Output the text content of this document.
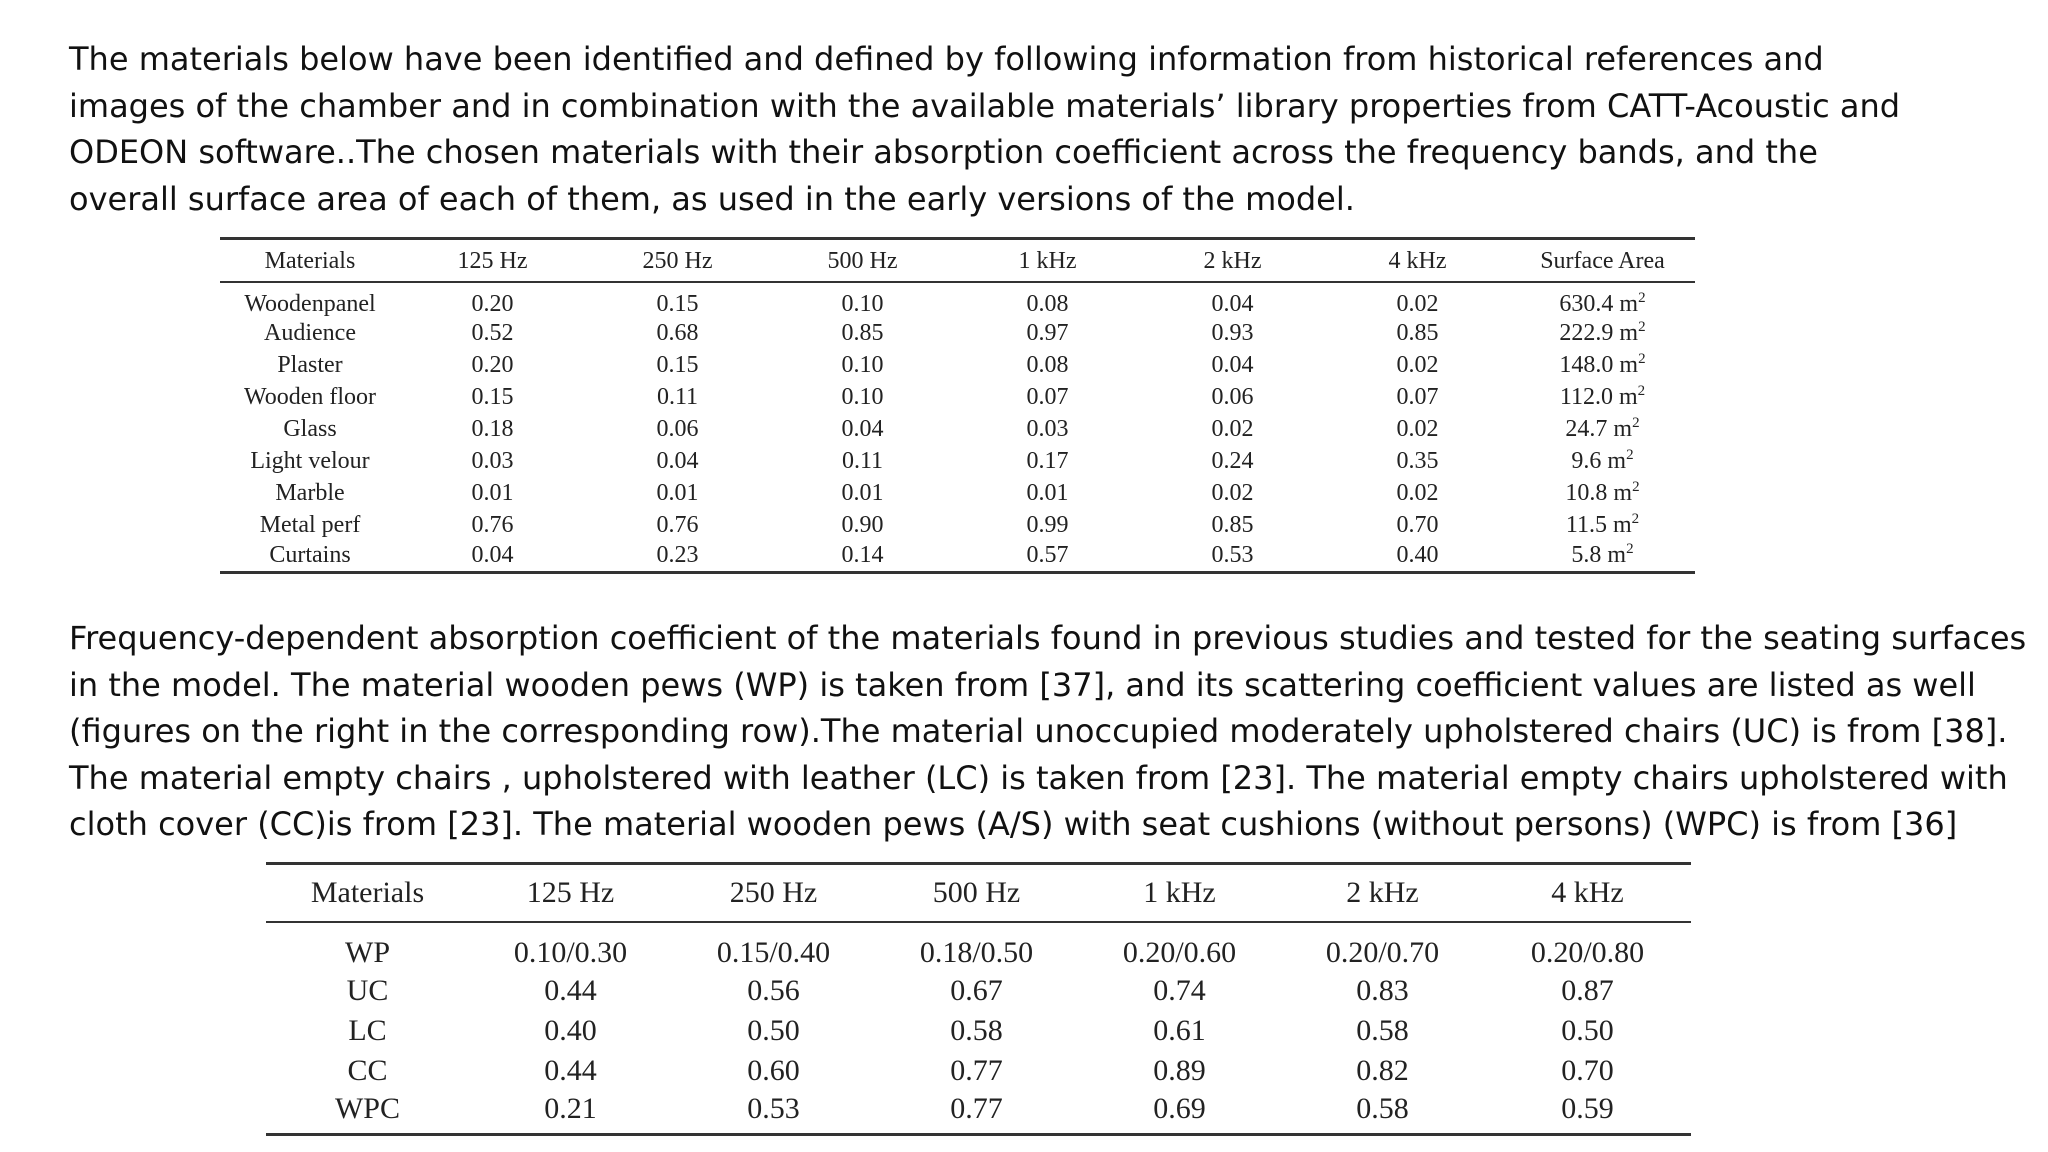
The materials below have been identified and defined by following information from historical references and
images of the chamber and in combination with the available materials’ library properties from CATT-Acoustic and
ODEON software..The chosen materials with their absorption coefficient across the frequency bands, and the
overall surface area of each of them, as used in the early versions of the model.
Materials	125 Hz	250 Hz	500 Hz	1 kHz	2 kHz	4 kHz	Surface Area
Woodenpanel	0.20	0.15	0.10	0.08	0.04	0.02	630.4 $m^2$
Audience	0.52	0.68	0.85	0.97	0.93	0.85	222.9 $m^2$
Plaster	0.20	0.15	0.10	0.08	0.04	0.02	148.0 $m^2$
Wooden floor	0.15	0.11	0.10	0.07	0.06	0.07	112.0 $m^2$
Glass	0.18	0.06	0.04	0.03	0.02	0.02	24.7 $m^2$
Light velour	0.03	0.04	0.11	0.17	0.24	0.35	9.6 $m^2$
Marble	0.01	0.01	0.01	0.01	0.02	0.02	10.8 $m^2$
Metal perf	0.76	0.76	0.90	0.99	0.85	0.70	11.5 $m^2$
Curtains	0.04	0.23	0.14	0.57	0.53	0.40	5.8 $m^2$
Frequency-dependent absorption coefficient of the materials found in previous studies and tested for the seating surfaces
in the model. The material wooden pews (WP) is taken from [37], and its scattering coefficient values are listed as well
(figures on the right in the corresponding row).The material unoccupied moderately upholstered chairs (UC) is from [38].
The material empty chairs , upholstered with leather (LC) is taken from [23]. The material empty chairs upholstered with
cloth cover (CC)is from [23]. The material wooden pews (A/S) with seat cushions (without persons) (WPC) is from [36]
Materials	125 Hz	250 Hz	500 Hz	1 kHz	2 kHz	4 kHz
WP	0.10/0.30	0.15/0.40	0.18/0.50	0.20/0.60	0.20/0.70	0.20/0.80
UC	0.44	0.56	0.67	0.74	0.83	0.87
LC	0.40	0.50	0.58	0.61	0.58	0.50
CC	0.44	0.60	0.77	0.89	0.82	0.70
WPC	0.21	0.53	0.77	0.69	0.58	0.59
